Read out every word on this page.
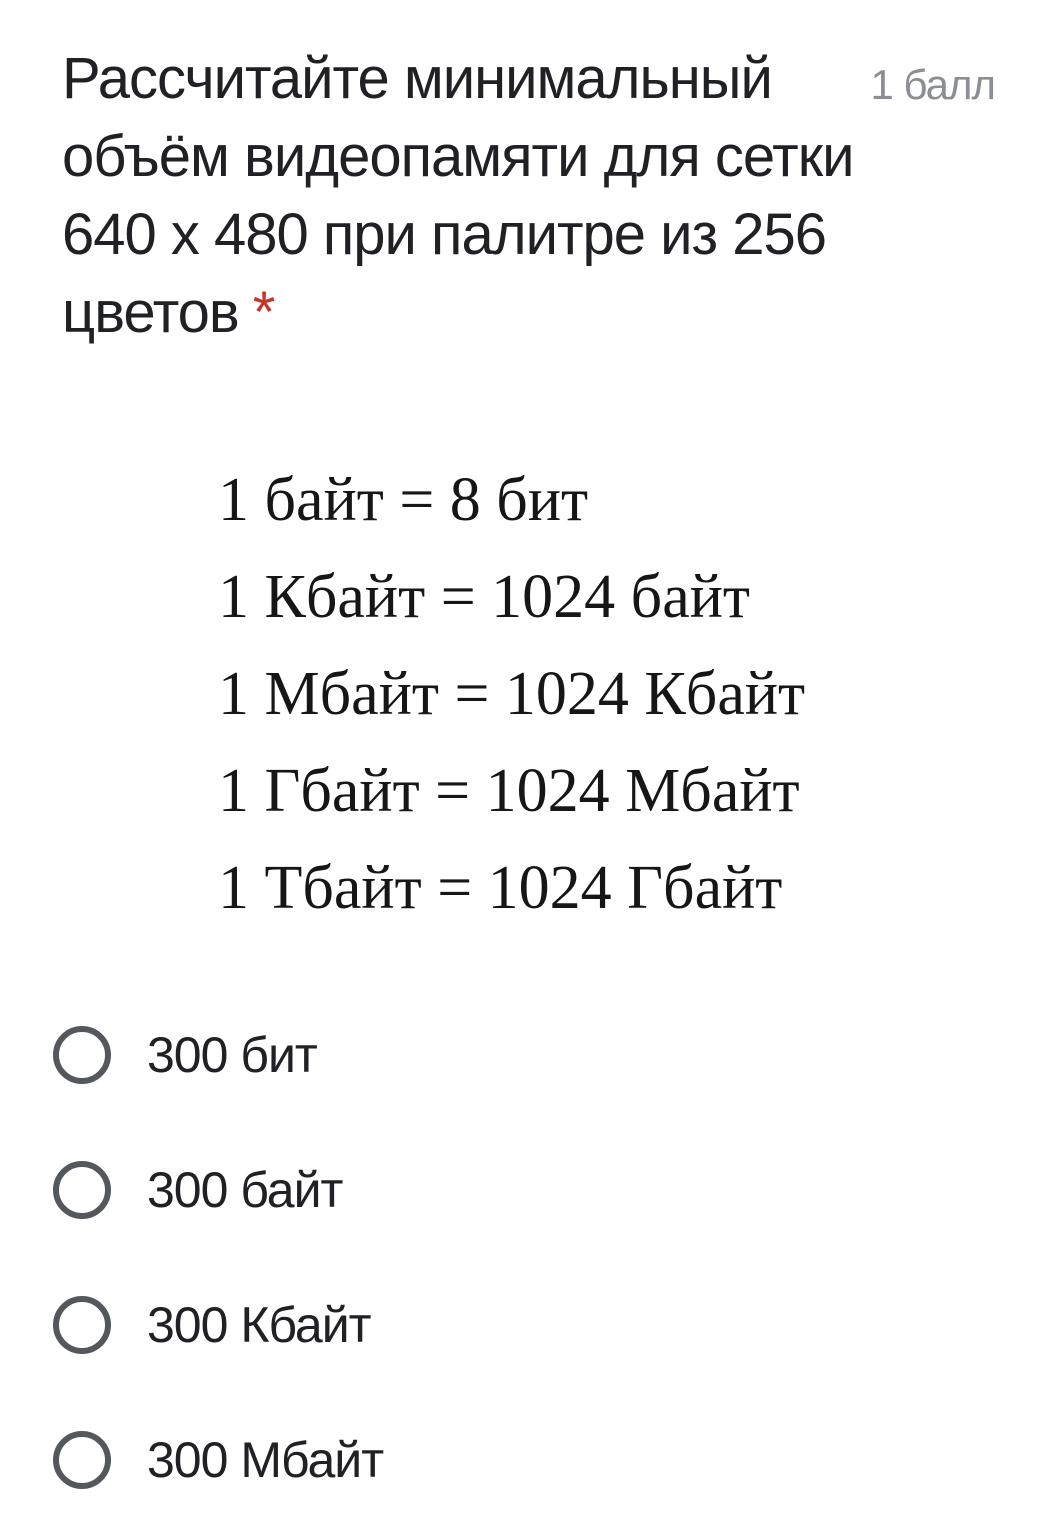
Рассчитайте минимальный
объём видеопамяти для сетки
640 x 480 при палитре из 256
цветов *
1 балл
1 байт = 8 бит
1 Кбайт = 1024 байт
1 Мбайт = 1024 Кбайт
1 Гбайт = 1024 Мбайт
1 Тбайт = 1024 Гбайт
300 бит
300 байт
300 Кбайт
300 Мбайт
